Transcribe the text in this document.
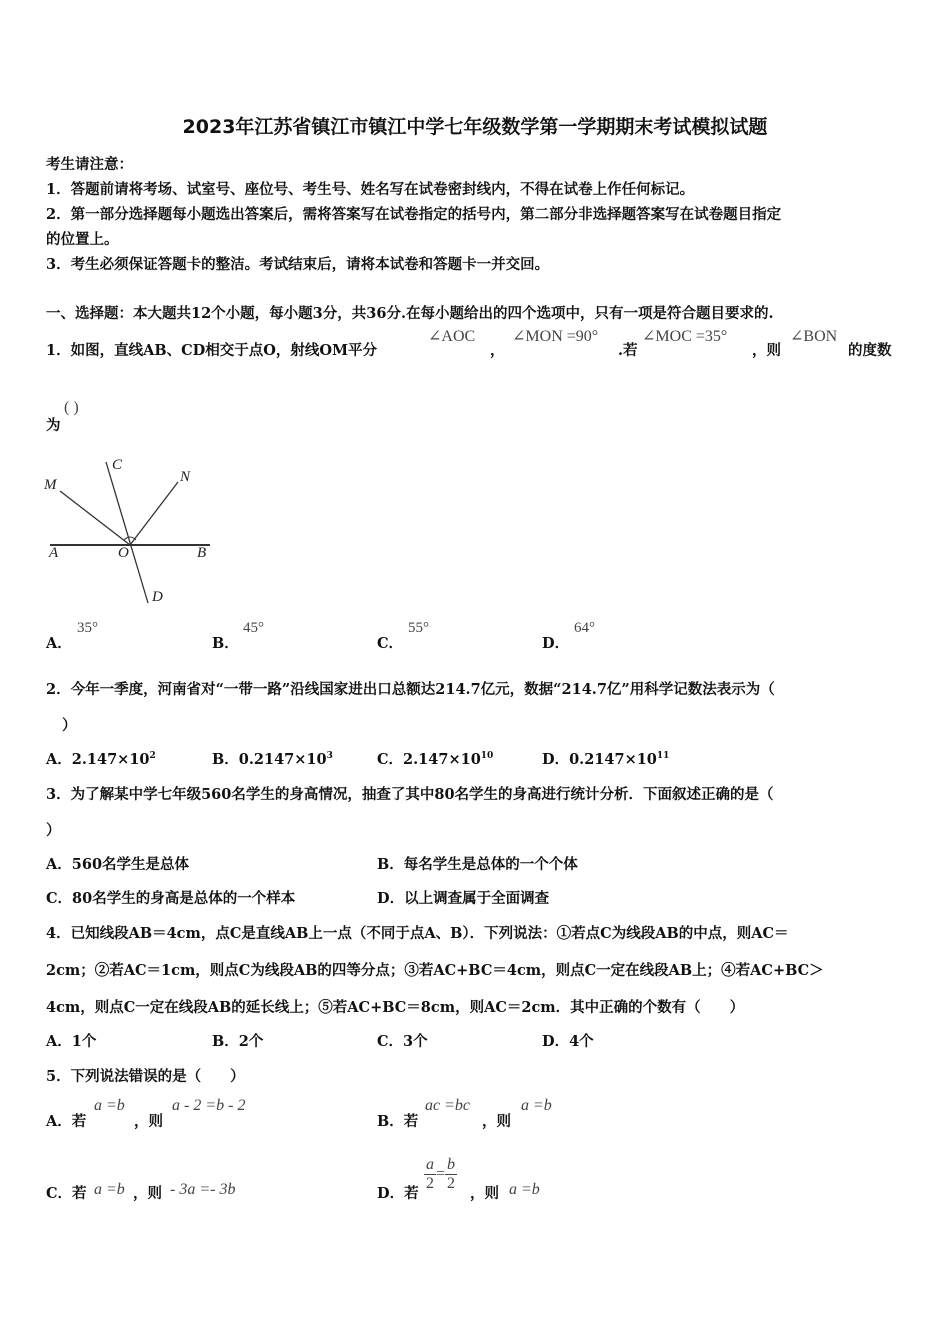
2023年江苏省镇江市镇江中学七年级数学第一学期期末考试模拟试题
考生请注意：
1．答题前请将考场、试室号、座位号、考生号、姓名写在试卷密封线内，不得在试卷上作任何标记。
2．第一部分选择题每小题选出答案后，需将答案写在试卷指定的括号内，第二部分非选择题答案写在试卷题目指定
的位置上。
3．考生必须保证答题卡的整洁。考试结束后，请将本试卷和答题卡一并交回。
一、选择题：本大题共12个小题，每小题3分，共36分.在每小题给出的四个选项中，只有一项是符合题目要求的.
1．如图，直线AB、CD相交于点O，射线OM平分
∠AOC
，
∠MON =90°
.若
∠MOC =35°
，则
∠BON
的度数
为
( )
M
C
N
A	O	B
D
A．
35°
B．
45°
C．
55°
D．
64°
2．今年一季度，河南省对“一带一路”沿线国家进出口总额达214.7亿元，数据“214.7亿”用科学记数法表示为（
）
A．$2.147\times 10^2$	B．$0.2147\times 10^3$	C．$2.147\times 10^{10}$	D．$0.2147\times 10^{11}$
3．为了解某中学七年级560名学生的身高情况，抽查了其中80名学生的身高进行统计分析．下面叙述正确的是（
）
A．560名学生是总体	B．每名学生是总体的一个个体
C．80名学生的身高是总体的一个样本	D．以上调查属于全面调查
4．已知线段AB＝4cm，点C是直线AB上一点（不同于点A、B）．下列说法：①若点C为线段AB的中点，则AC＝
2cm；②若AC＝1cm，则点C为线段AB的四等分点；③若AC+BC＝4cm，则点C一定在线段AB上；④若AC+BC＞
4cm，则点C一定在线段AB的延长线上；⑤若AC+BC＝8cm，则AC＝2cm．其中正确的个数有（　　）
A．1个	B．2个	C．3个	D．4个
5．下列说法错误的是（　　）
A．若
a =b
，则
a - 2 =b - 2
B．若
ac =bc
，则
a =b
C．若 a =b ，则 - 3a =- 3b	D．若
$\frac{a}{2} = \frac{b}{2}$
，则 a =b
